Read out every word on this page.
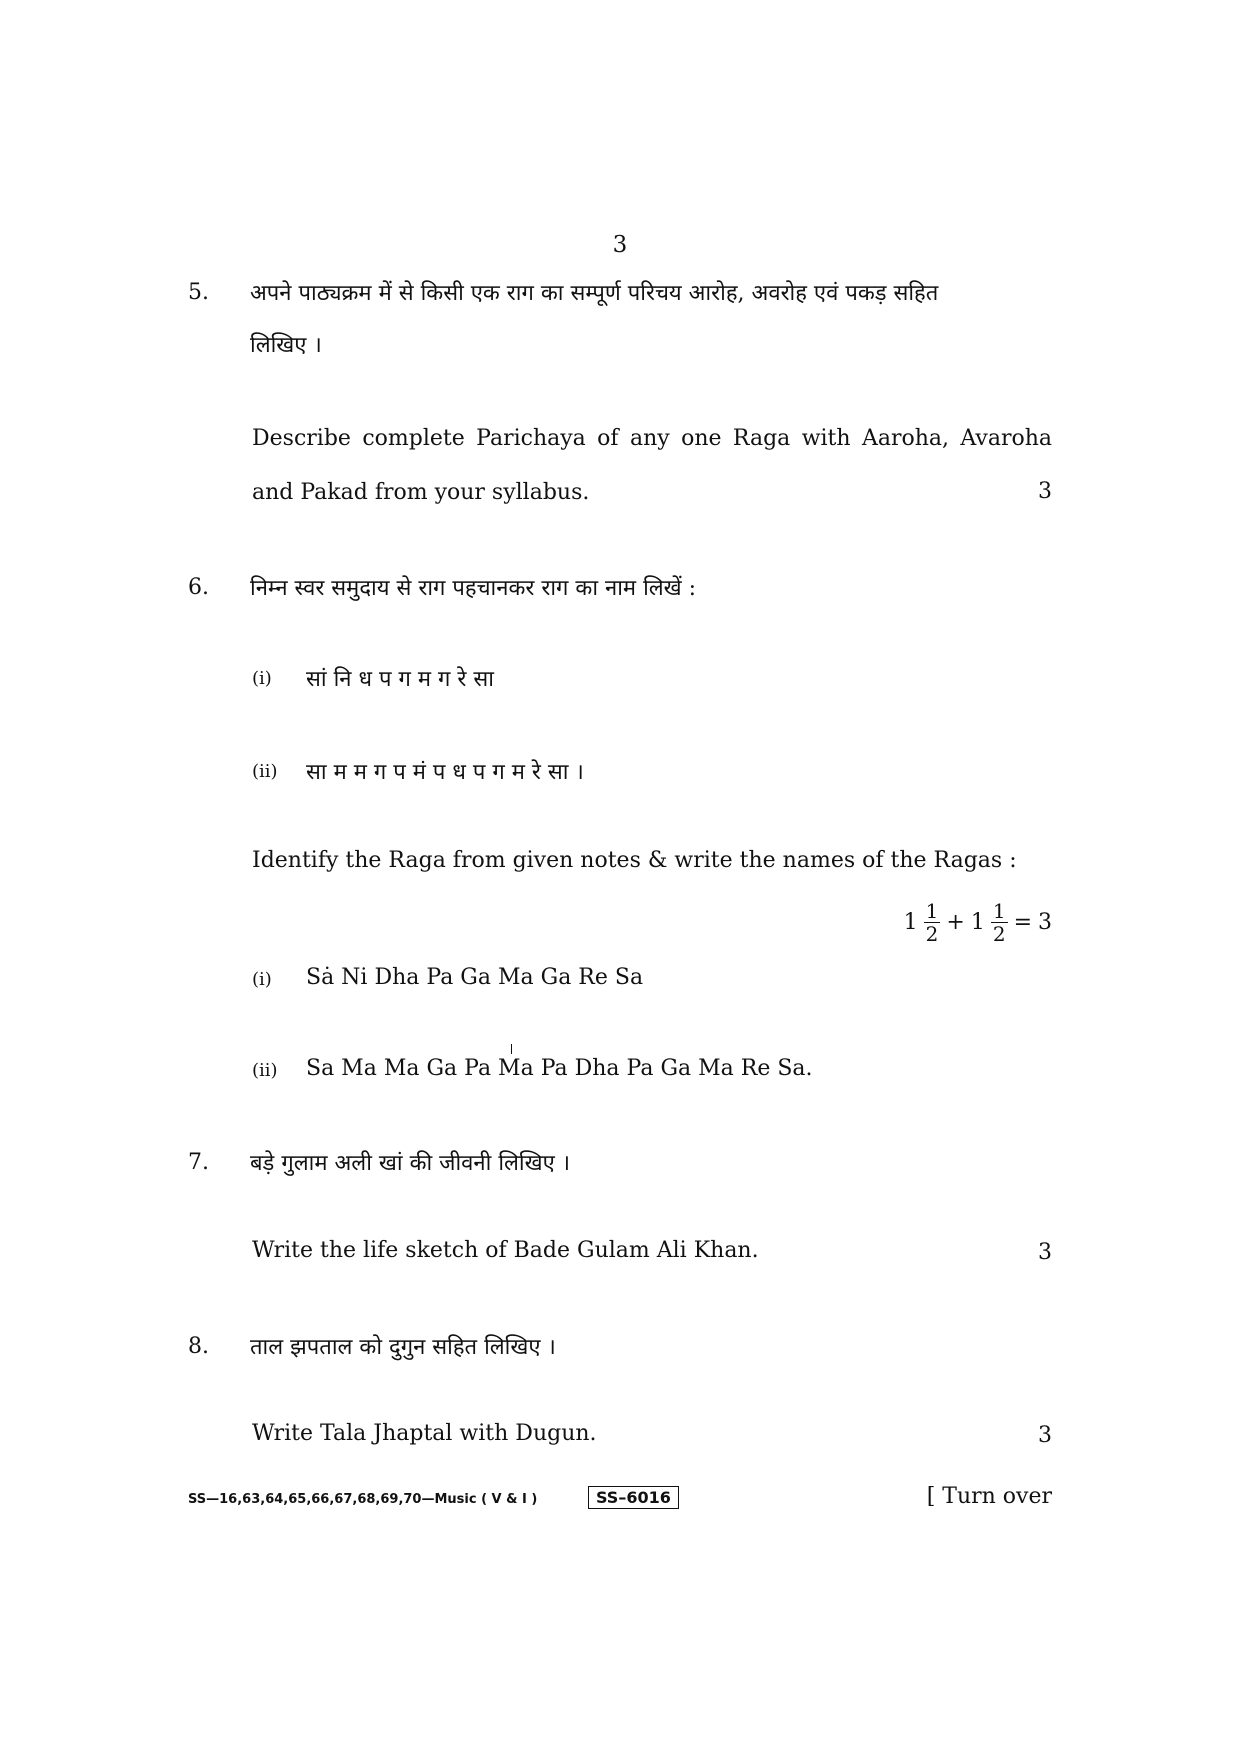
3
5. अपने पाठ्यक्रम में से किसी एक राग का सम्पूर्ण परिचय आरोह, अवरोह एवं पकड़ सहित
लिखिए ।
Describe complete Parichaya of any one Raga with Aaroha, Avaroha and Pakad from your syllabus.	3
6. निम्न स्वर समुदाय से राग पहचानकर राग का नाम लिखें :
(i) सां नि ध प ग म ग रे सा
(ii) सा म म ग प मं प ध प ग म रे सा ।
Identify the Raga from given notes & write the names of the Ragas :
$1 \frac{1}{2} + 1 \frac{1}{2} = 3$
(i) Sȧ Ni Dha Pa Ga Ma Ga Re Sa
(ii) Sa Ma Ma Ga Pa Ma Pa Dha Pa Ga Ma Re Sa.
7. बड़े गुलाम अली खां की जीवनी लिखिए ।
Write the life sketch of Bade Gulam Ali Khan.	3
8. ताल झपताल को दुगुन सहित लिखिए ।
Write Tala Jhaptal with Dugun.	3
SS—16,63,64,65,66,67,68,69,70—Music ( V & I )	SS–6016	[ Turn over
